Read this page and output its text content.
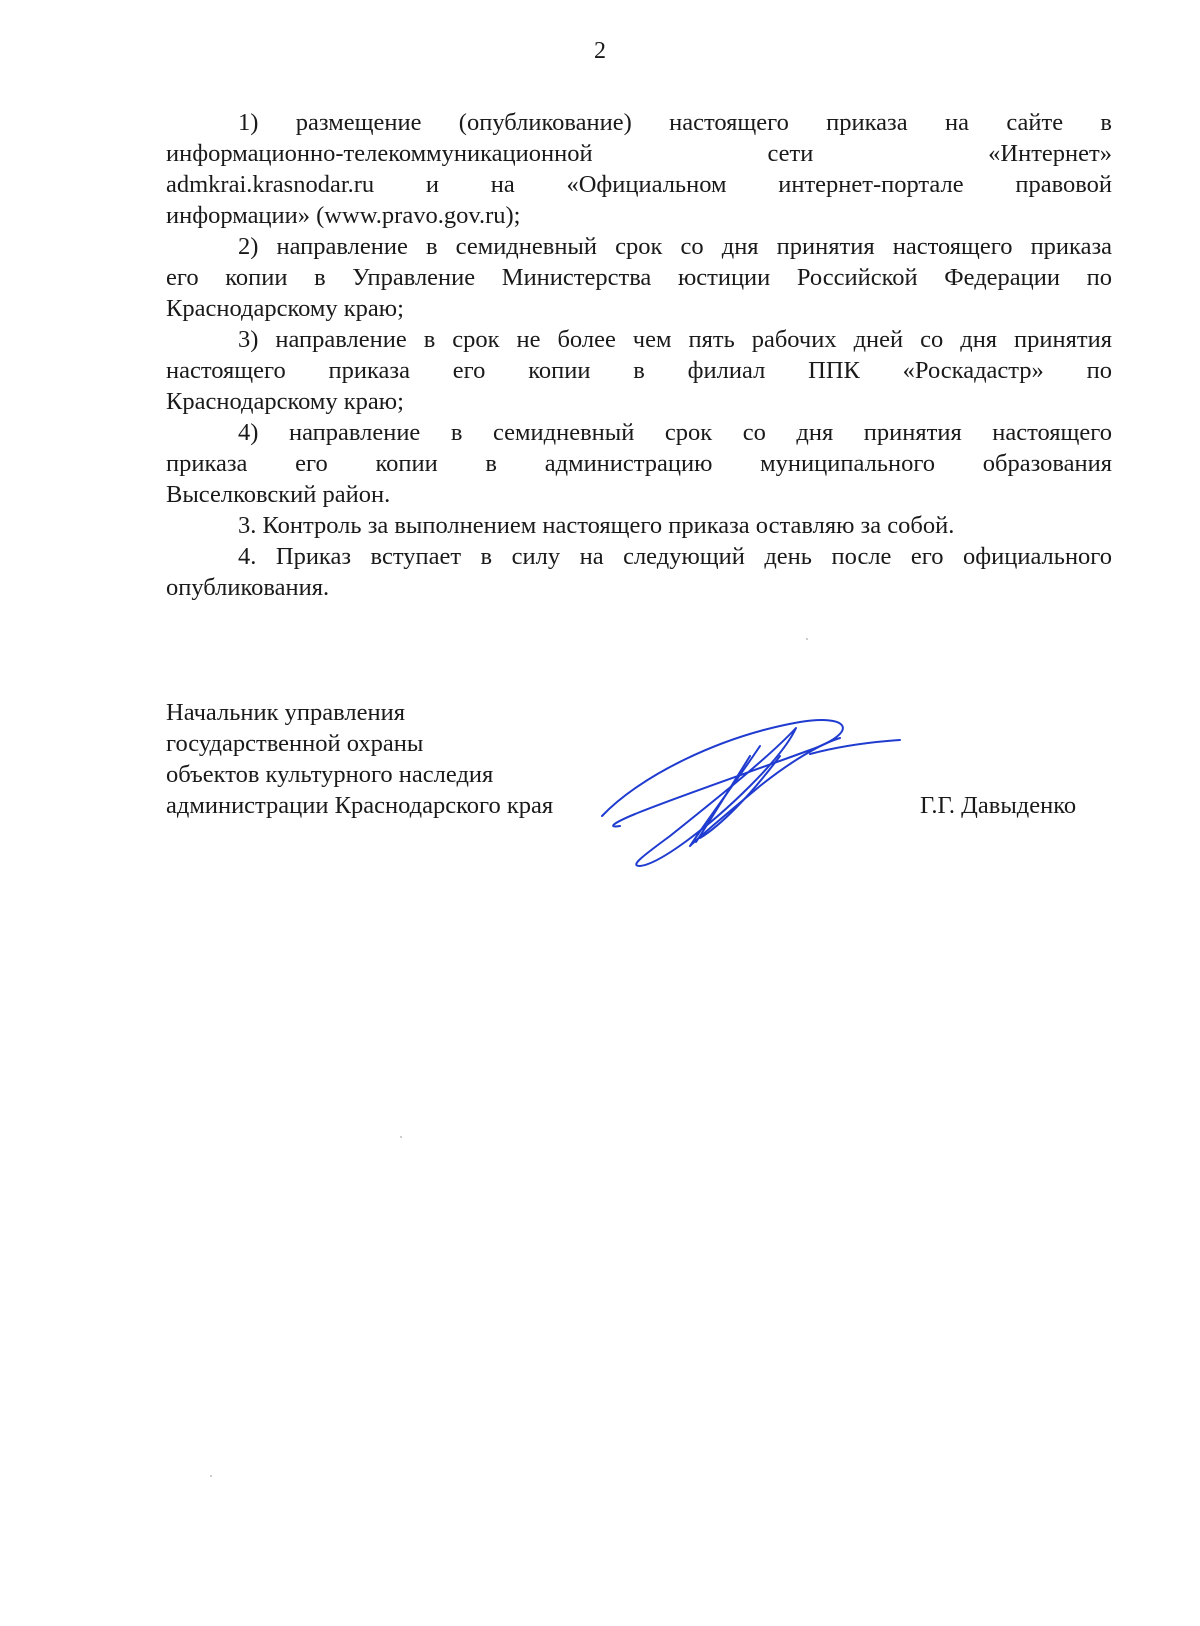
2

1) размещение (опубликование) настоящего приказа на сайте в
информационно-телекоммуникационной сети «Интернет»
admkrai.krasnodar.ru и на «Официальном интернет-портале правовой
информации» (www.pravo.gov.ru);

2) направление в семидневный срок со дня принятия настоящего приказа
его копии в Управление Министерства юстиции Российской Федерации по
Краснодарскому краю;

3) направление в срок не более чем пять рабочих дней со дня принятия
настоящего приказа его копии в филиал ППК «Роскадастр» по
Краснодарскому краю;

4) направление в семидневный срок со дня принятия настоящего
приказа его копии в администрацию муниципального образования
Выселковский район.

3. Контроль за выполнением настоящего приказа оставляю за собой.

4. Приказ вступает в силу на следующий день после его официального
опубликования.

Начальник управления
государственной охраны
объектов культурного наследия
администрации Краснодарского края	Г.Г. Давыденко
